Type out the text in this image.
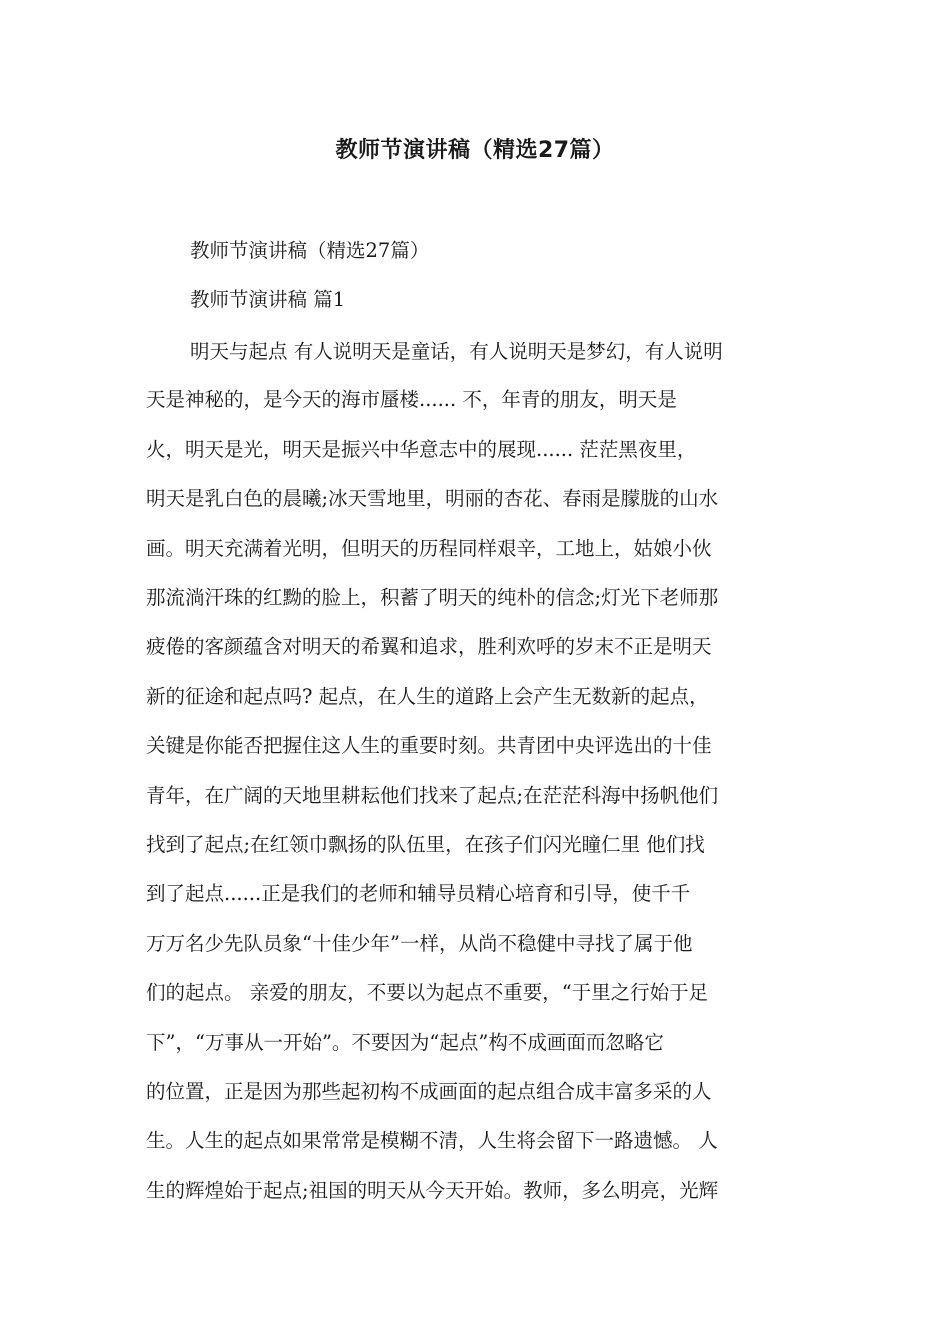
教师节演讲稿（精选27篇）

教师节演讲稿（精选27篇）

教师节演讲稿 篇1

明天与起点 有人说明天是童话，有人说明天是梦幻，有人说明

天是神秘的，是今天的海市蜃楼...... 不，年青的朋友，明天是

火，明天是光，明天是振兴中华意志中的展现...... 茫茫黑夜里，

明天是乳白色的晨曦;冰天雪地里，明丽的杏花、春雨是朦胧的山水

画。明天充满着光明，但明天的历程同样艰辛，工地上，姑娘小伙

那流淌汗珠的红黝的脸上，积蓄了明天的纯朴的信念;灯光下老师那

疲倦的客颜蕴含对明天的希翼和追求，胜利欢呼的岁末不正是明天

新的征途和起点吗? 起点，在人生的道路上会产生无数新的起点，

关键是你能否把握住这人生的重要时刻。共青团中央评选出的十佳

青年，在广阔的天地里耕耘他们找来了起点;在茫茫科海中扬帆他们

找到了起点;在红领巾飘扬的队伍里，在孩子们闪光瞳仁里 他们找

到了起点......正是我们的老师和辅导员精心培育和引导，使千千

万万名少先队员象“十佳少年”一样，从尚不稳健中寻找了属于他

们的起点。 亲爱的朋友，不要以为起点不重要，“于里之行始于足

下”，“万事从一开始”。不要因为“起点”构不成画面而忽略它

的位置，正是因为那些起初构不成画面的起点组合成丰富多采的人

生。人生的起点如果常常是模糊不清，人生将会留下一路遗憾。 人

生的辉煌始于起点;祖国的明天从今天开始。教师，多么明亮，光辉
